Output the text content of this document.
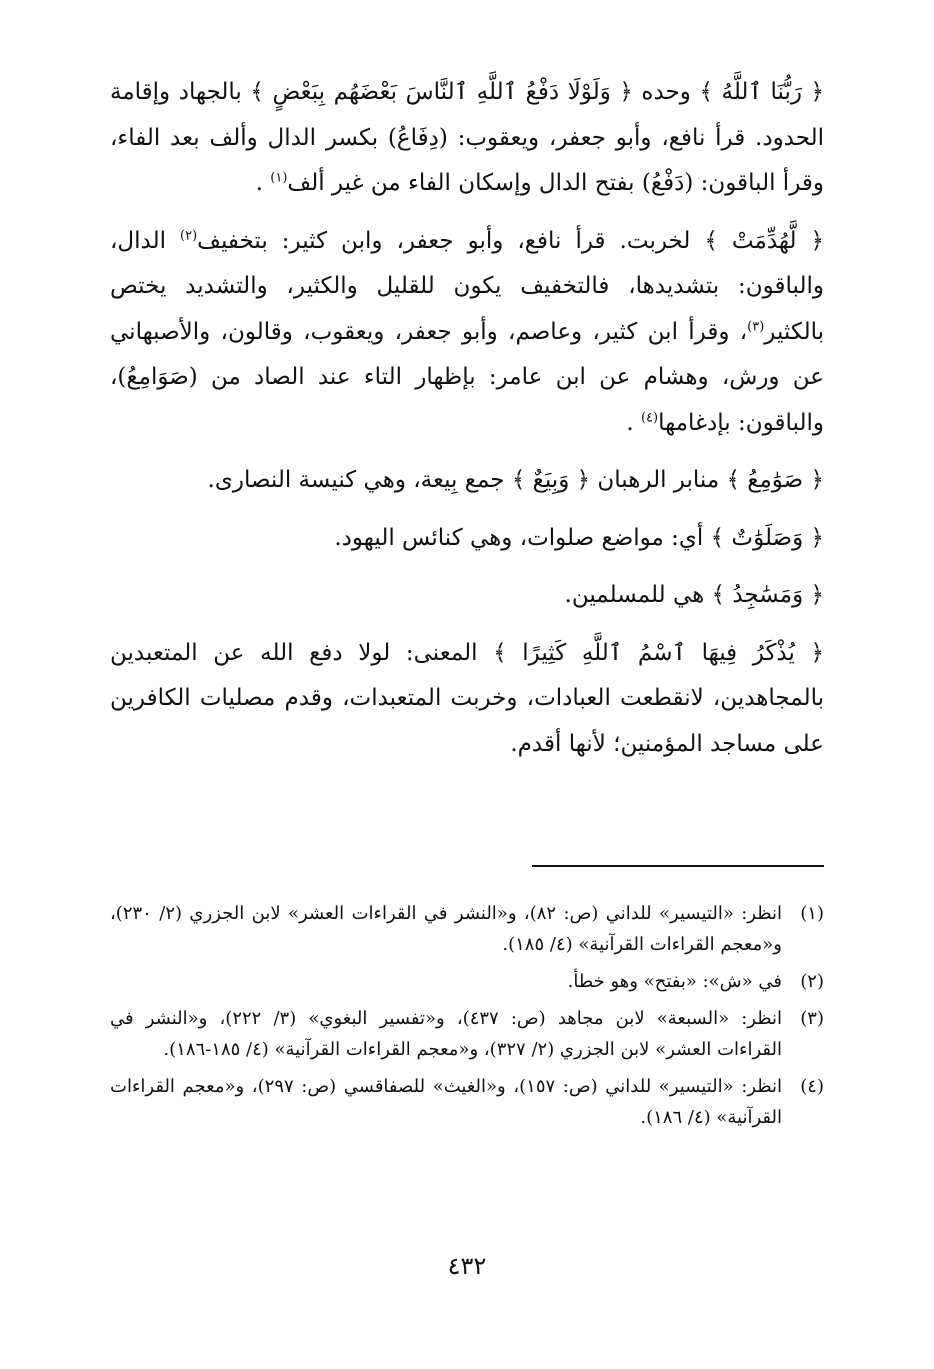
﴿ رَبُّنَا ٱللَّهُ ﴾ وحده ﴿ وَلَوْلَا دَفْعُ ٱللَّهِ ٱلنَّاسَ بَعْضَهُم بِبَعْضٍ ﴾ بالجهاد وإقامة الحدود. قرأ نافع، وأبو جعفر، ويعقوب: (دِفَاعُ) بكسر الدال وألف بعد الفاء، وقرأ الباقون: (دَفْعُ) بفتح الدال وإسكان الفاء من غير ألف$^{(١)}$ .

﴿ لَّهُدِّمَتْ ﴾ لخربت. قرأ نافع، وأبو جعفر، وابن كثير: بتخفيف$^{(٢)}$ الدال، والباقون: بتشديدها، فالتخفيف يكون للقليل والكثير، والتشديد يختص بالكثير$^{(٣)}$، وقرأ ابن كثير، وعاصم، وأبو جعفر، ويعقوب، وقالون، والأصبهاني عن ورش، وهشام عن ابن عامر: بإظهار التاء عند الصاد من (صَوَامِعُ)، والباقون: بإدغامها$^{(٤)}$ .

﴿ صَوَٰمِعُ ﴾ منابر الرهبان ﴿ وَبِيَعٌ ﴾ جمع بِيعة، وهي كنيسة النصارى.

﴿ وَصَلَوَٰتٌ ﴾ أي: مواضع صلوات، وهي كنائس اليهود.

﴿ وَمَسَٰجِدُ ﴾ هي للمسلمين.

﴿ يُذْكَرُ فِيهَا ٱسْمُ ٱللَّهِ كَثِيرًا ﴾ المعنى: لولا دفع الله عن المتعبدين بالمجاهدين، لانقطعت العبادات، وخربت المتعبدات، وقدم مصليات الكافرين على مساجد المؤمنين؛ لأنها أقدم.

(١)
انظر: «التيسير» للداني (ص: ٨٢)، و«النشر في القراءات العشر» لابن الجزري (٢/ ٢٣٠)، و«معجم القراءات القرآنية» (٤/ ١٨٥).
(٢)
في «ش»: «بفتح» وهو خطأ.
(٣)
انظر: «السبعة» لابن مجاهد (ص: ٤٣٧)، و«تفسير البغوي» (٣/ ٢٢٢)، و«النشر في القراءات العشر» لابن الجزري (٢/ ٣٢٧)، و«معجم القراءات القرآنية» (٤/ ١٨٥-١٨٦).
(٤)
انظر: «التيسير» للداني (ص: ١٥٧)، و«الغيث» للصفاقسي (ص: ٢٩٧)، و«معجم القراءات القرآنية» (٤/ ١٨٦).
٤٣٢
